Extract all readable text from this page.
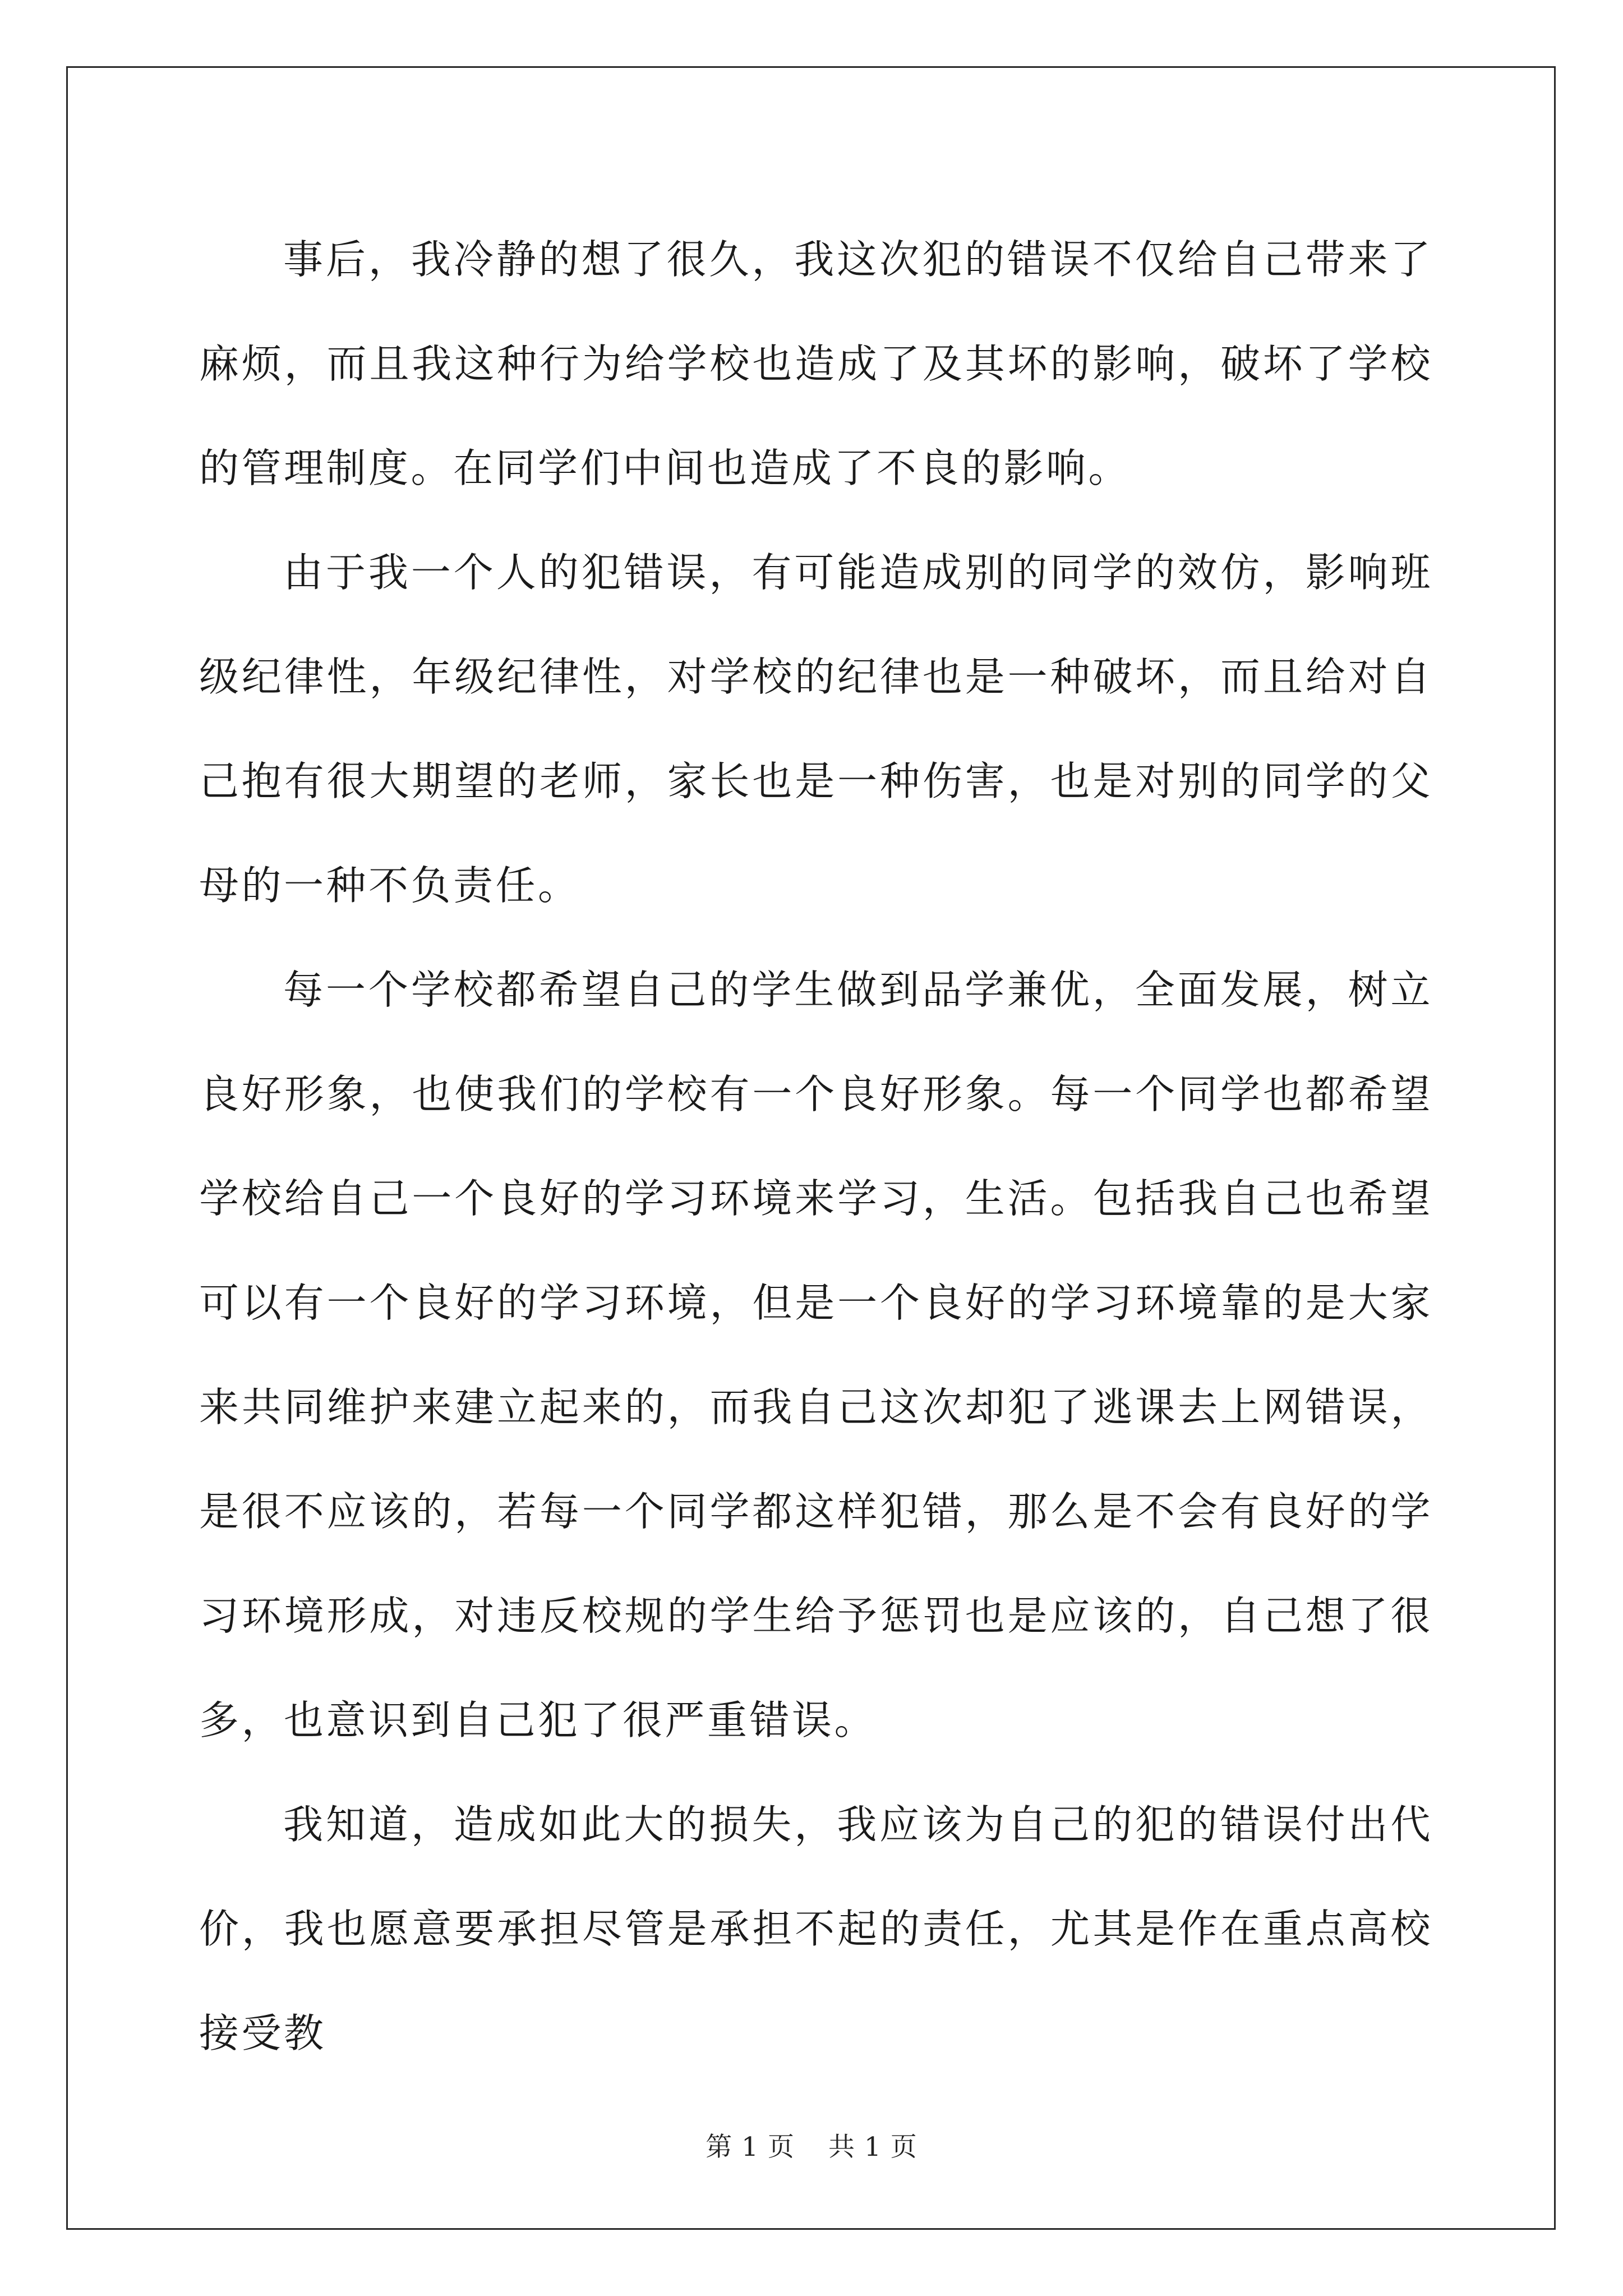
事后，我冷静的想了很久，我这次犯的错误不仅给自己带来了麻烦，而且我这种行为给学校也造成了及其坏的影响，破坏了学校的管理制度。在同学们中间也造成了不良的影响。

由于我一个人的犯错误，有可能造成别的同学的效仿，影响班级纪律性，年级纪律性，对学校的纪律也是一种破坏，而且给对自己抱有很大期望的老师，家长也是一种伤害，也是对别的同学的父母的一种不负责任。

每一个学校都希望自己的学生做到品学兼优，全面发展，树立良好形象，也使我们的学校有一个良好形象。每一个同学也都希望学校给自己一个良好的学习环境来学习，生活。包括我自己也希望可以有一个良好的学习环境，但是一个良好的学习环境靠的是大家来共同维护来建立起来的，而我自己这次却犯了逃课去上网错误，是很不应该的，若每一个同学都这样犯错，那么是不会有良好的学习环境形成，对违反校规的学生给予惩罚也是应该的，自己想了很多，也意识到自己犯了很严重错误。

我知道，造成如此大的损失，我应该为自己的犯的错误付出代价，我也愿意要承担尽管是承担不起的责任，尤其是作在重点高校接受教

第 1 页 共 1 页
